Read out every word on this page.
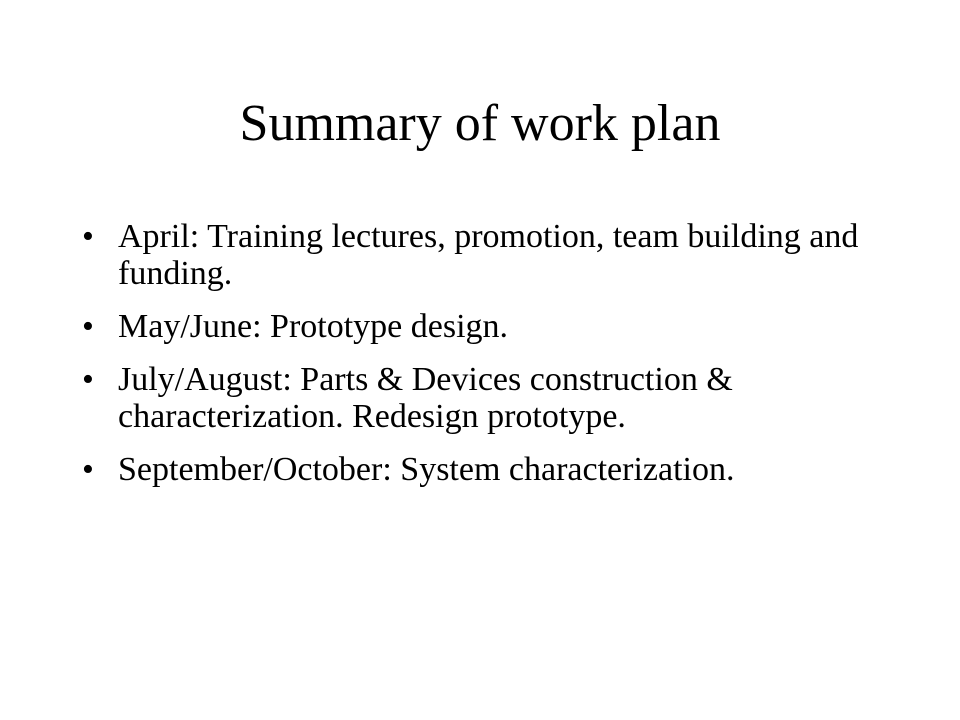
Summary of work plan
• April: Training lectures, promotion, team building and funding.
• May/June: Prototype design.
• July/August: Parts & Devices construction & characterization. Redesign prototype.
• September/October: System characterization.
